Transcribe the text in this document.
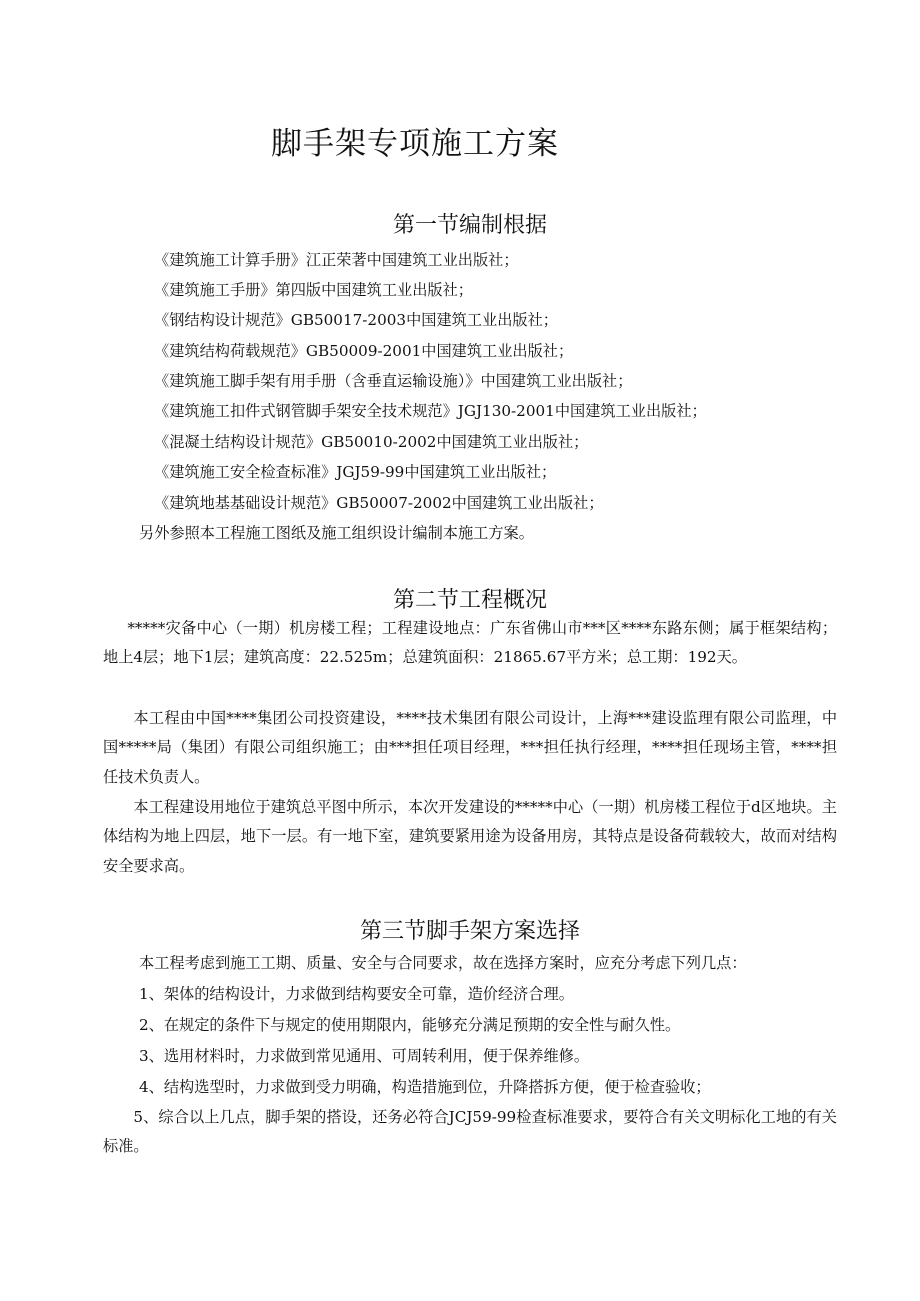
脚手架专项施工方案
第一节编制根据
《建筑施工计算手册》江正荣著中国建筑工业出版社；
《建筑施工手册》第四版中国建筑工业出版社；
《钢结构设计规范》GB50017-2003中国建筑工业出版社；
《建筑结构荷载规范》GB50009-2001中国建筑工业出版社；
《建筑施工脚手架有用手册（含垂直运输设施）》中国建筑工业出版社；
《建筑施工扣件式钢管脚手架安全技术规范》JGJ130-2001中国建筑工业出版社；
《混凝土结构设计规范》GB50010-2002中国建筑工业出版社；
《建筑施工安全检查标准》JGJ59-99中国建筑工业出版社；
《建筑地基基础设计规范》GB50007-2002中国建筑工业出版社；
另外参照本工程施工图纸及施工组织设计编制本施工方案。
第二节工程概况
*****灾备中心（一期）机房楼工程；工程建设地点：广东省佛山市***区****东路东侧；属于框架结构；地上4层；地下1层；建筑高度：22.525m；总建筑面积：21865.67平方米；总工期：192天。
本工程由中国****集团公司投资建设，****技术集团有限公司设计，上海***建设监理有限公司监理，中国*****局（集团）有限公司组织施工；由***担任项目经理，***担任执行经理，****担任现场主管，****担任技术负责人。
本工程建设用地位于建筑总平图中所示，本次开发建设的*****中心（一期）机房楼工程位于d区地块。主体结构为地上四层，地下一层。有一地下室，建筑要紧用途为设备用房，其特点是设备荷载较大，故而对结构安全要求高。
第三节脚手架方案选择
本工程考虑到施工工期、质量、安全与合同要求，故在选择方案时，应充分考虑下列几点：
1、架体的结构设计，力求做到结构要安全可靠，造价经济合理。
2、在规定的条件下与规定的使用期限内，能够充分满足预期的安全性与耐久性。
3、选用材料时，力求做到常见通用、可周转利用，便于保养维修。
4、结构选型时，力求做到受力明确，构造措施到位，升降搭拆方便，便于检查验收；
5、综合以上几点，脚手架的搭设，还务必符合JCJ59-99检查标准要求，要符合有关文明标化工地的有关标准。
